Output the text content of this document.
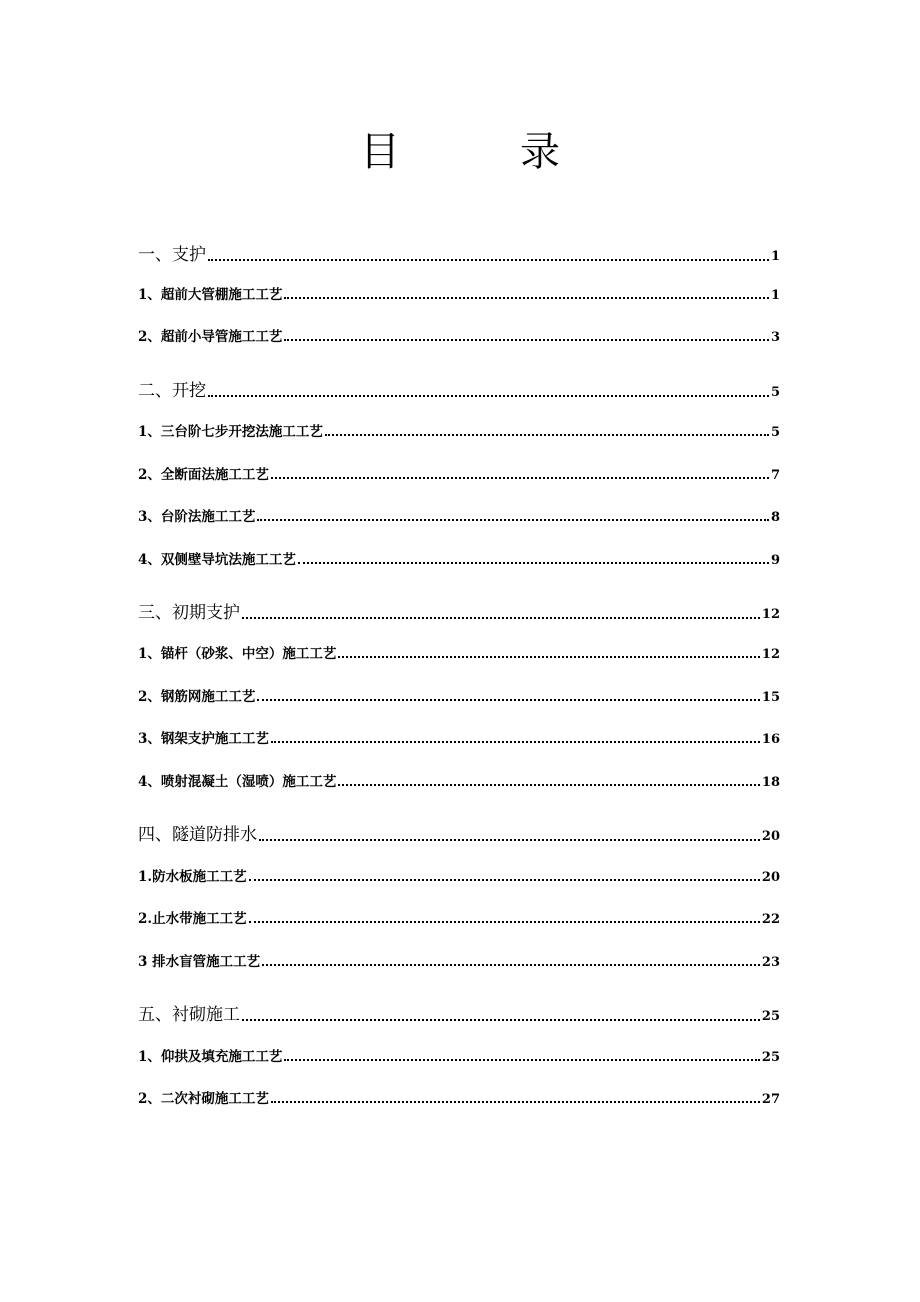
目　录
一、支护	1
1、超前大管棚施工工艺	1
2、超前小导管施工工艺	3
二、开挖	5
1、三台阶七步开挖法施工工艺	5
2、全断面法施工工艺	7
3、台阶法施工工艺	8
4、双侧壁导坑法施工工艺	9
三、初期支护	12
1、锚杆（砂浆、中空）施工工艺	12
2、钢筋网施工工艺	15
3、钢架支护施工工艺	16
4、喷射混凝土（湿喷）施工工艺	18
四、隧道防排水	20
1.防水板施工工艺	20
2.止水带施工工艺	22
3 排水盲管施工工艺	23
五、衬砌施工	25
1、仰拱及填充施工工艺	25
2、二次衬砌施工工艺	27
